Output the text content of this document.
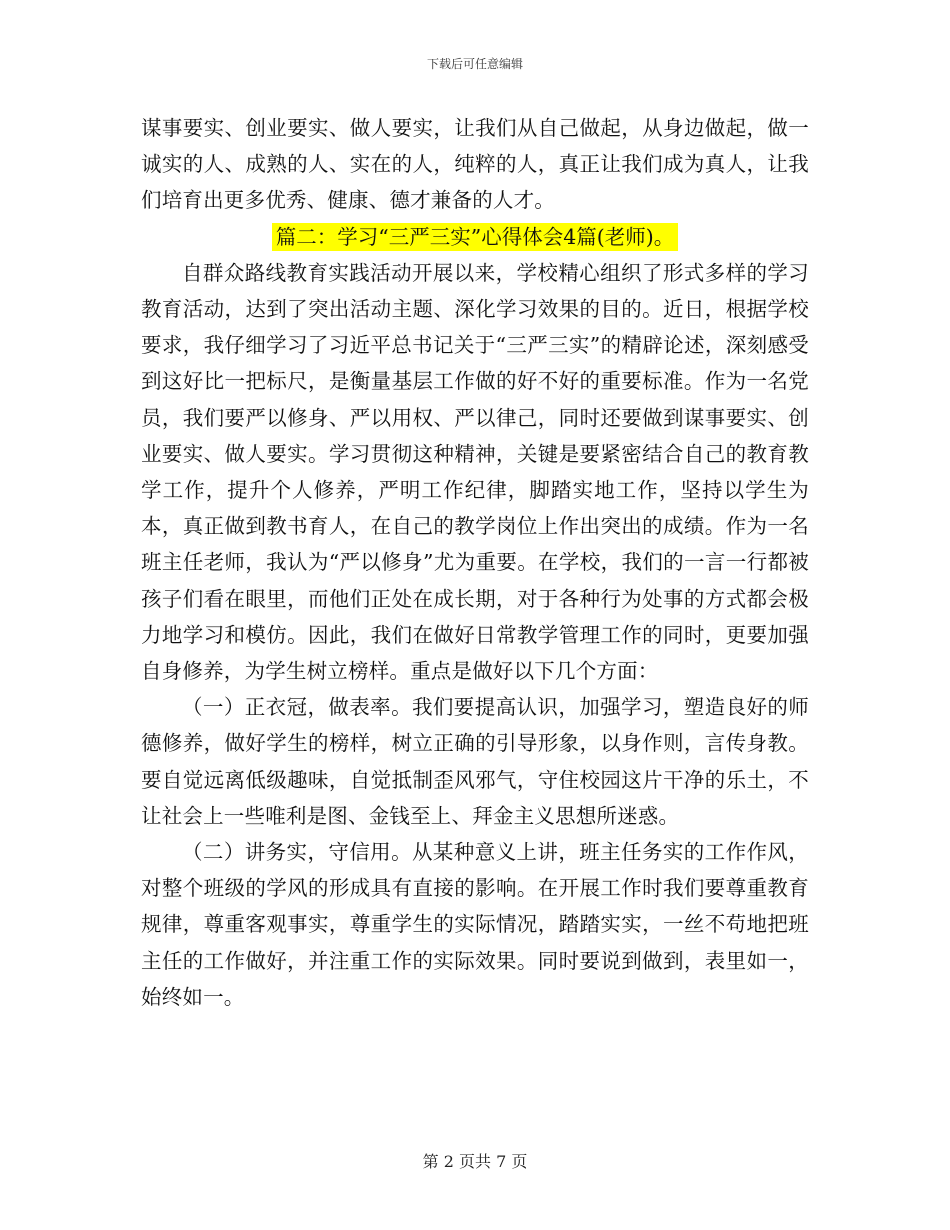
下载后可任意编辑

谋事要实、创业要实、做人要实，让我们从自己做起，从身边做起，做一诚实的人、成熟的人、实在的人，纯粹的人，真正让我们成为真人，让我们培育出更多优秀、健康、德才兼备的人才。

篇二：学习“三严三实”心得体会4篇(老师)。

自群众路线教育实践活动开展以来，学校精心组织了形式多样的学习教育活动，达到了突出活动主题、深化学习效果的目的。近日，根据学校要求，我仔细学习了习近平总书记关于“三严三实”的精辟论述，深刻感受到这好比一把标尺，是衡量基层工作做的好不好的重要标准。作为一名党员，我们要严以修身、严以用权、严以律己，同时还要做到谋事要实、创业要实、做人要实。学习贯彻这种精神，关键是要紧密结合自己的教育教学工作，提升个人修养，严明工作纪律，脚踏实地工作，坚持以学生为本，真正做到教书育人，在自己的教学岗位上作出突出的成绩。作为一名班主任老师，我认为“严以修身”尤为重要。在学校，我们的一言一行都被孩子们看在眼里，而他们正处在成长期，对于各种行为处事的方式都会极力地学习和模仿。因此，我们在做好日常教学管理工作的同时，更要加强自身修养，为学生树立榜样。重点是做好以下几个方面：

（一）正衣冠，做表率。我们要提高认识，加强学习，塑造良好的师德修养，做好学生的榜样，树立正确的引导形象，以身作则，言传身教。要自觉远离低级趣味，自觉抵制歪风邪气，守住校园这片干净的乐土，不让社会上一些唯利是图、金钱至上、拜金主义思想所迷惑。

（二）讲务实，守信用。从某种意义上讲，班主任务实的工作作风，对整个班级的学风的形成具有直接的影响。在开展工作时我们要尊重教育规律，尊重客观事实，尊重学生的实际情况，踏踏实实，一丝不苟地把班主任的工作做好，并注重工作的实际效果。同时要说到做到，表里如一，始终如一。

第 2 页共 7 页
